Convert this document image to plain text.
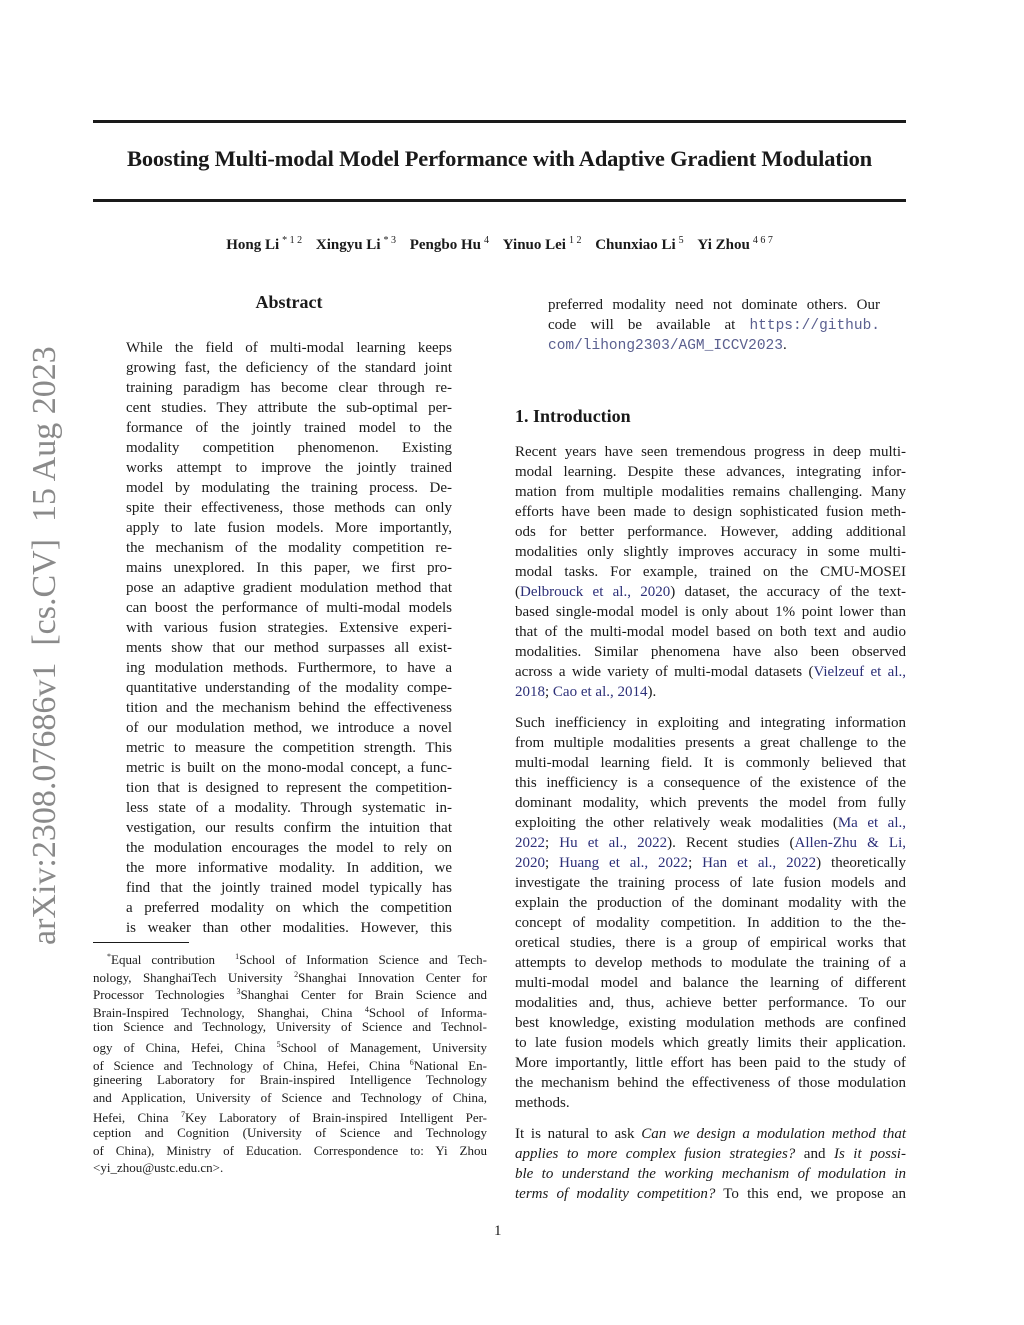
Boosting Multi-modal Model Performance with Adaptive Gradient Modulation
Hong Li $^{* 1 2}$ Xingyu Li $^{* 3}$ Pengbo Hu $^4$ Yinuo Lei $^{1 2}$ Chunxiao Li $^5$ Yi Zhou $^{4 6 7}$
arXiv:2308.07686v1  [cs.CV]  15 Aug 2023
Abstract
While the field of multi-modal learning keeps
growing fast, the deficiency of the standard joint
training paradigm has become clear through re-
cent studies. They attribute the sub-optimal per-
formance of the jointly trained model to the
modality competition phenomenon. Existing
works attempt to improve the jointly trained
model by modulating the training process. De-
spite their effectiveness, those methods can only
apply to late fusion models. More importantly,
the mechanism of the modality competition re-
mains unexplored. In this paper, we first pro-
pose an adaptive gradient modulation method that
can boost the performance of multi-modal models
with various fusion strategies. Extensive experi-
ments show that our method surpasses all exist-
ing modulation methods. Furthermore, to have a
quantitative understanding of the modality compe-
tition and the mechanism behind the effectiveness
of our modulation method, we introduce a novel
metric to measure the competition strength. This
metric is built on the mono-modal concept, a func-
tion that is designed to represent the competition-
less state of a modality. Through systematic in-
vestigation, our results confirm the intuition that
the modulation encourages the model to rely on
the more informative modality. In addition, we
find that the jointly trained model typically has
a preferred modality on which the competition
is weaker than other modalities. However, this
*Equal contribution  $^1$School of Information Science and Tech-
nology, ShanghaiTech University $^2$Shanghai Innovation Center for
Processor Technologies $^3$Shanghai Center for Brain Science and
Brain-Inspired Technology, Shanghai, China $^4$School of Informa-
tion Science and Technology, University of Science and Technol-
ogy of China, Hefei, China $^5$School of Management, University
of Science and Technology of China, Hefei, China $^6$National En-
gineering Laboratory for Brain-inspired Intelligence Technology
and Application, University of Science and Technology of China,
Hefei, China $^7$Key Laboratory of Brain-inspired Intelligent Per-
ception and Cognition (University of Science and Technology
of China), Ministry of Education. Correspondence to: Yi Zhou
<yi_zhou@ustc.edu.cn>.
preferred modality need not dominate others. Our
code will be available at https://github.
com/lihong2303/AGM_ICCV2023.
1. Introduction
Recent years have seen tremendous progress in deep multi-
modal learning. Despite these advances, integrating infor-
mation from multiple modalities remains challenging. Many
efforts have been made to design sophisticated fusion meth-
ods for better performance. However, adding additional
modalities only slightly improves accuracy in some multi-
modal tasks. For example, trained on the CMU-MOSEI
(Delbrouck et al., 2020) dataset, the accuracy of the text-
based single-modal model is only about 1% point lower than
that of the multi-modal model based on both text and audio
modalities. Similar phenomena have also been observed
across a wide variety of multi-modal datasets (Vielzeuf et al.,
2018; Cao et al., 2014).
Such inefficiency in exploiting and integrating information
from multiple modalities presents a great challenge to the
multi-modal learning field. It is commonly believed that
this inefficiency is a consequence of the existence of the
dominant modality, which prevents the model from fully
exploiting the other relatively weak modalities (Ma et al.,
2022; Hu et al., 2022). Recent studies (Allen-Zhu & Li,
2020; Huang et al., 2022; Han et al., 2022) theoretically
investigate the training process of late fusion models and
explain the production of the dominant modality with the
concept of modality competition. In addition to the the-
oretical studies, there is a group of empirical works that
attempts to develop methods to modulate the training of a
multi-modal model and balance the learning of different
modalities and, thus, achieve better performance. To our
best knowledge, existing modulation methods are confined
to late fusion models which greatly limits their application.
More importantly, little effort has been paid to the study of
the mechanism behind the effectiveness of those modulation
methods.
It is natural to ask Can we design a modulation method that
applies to more complex fusion strategies? and Is it possi-
ble to understand the working mechanism of modulation in
terms of modality competition? To this end, we propose an
1
